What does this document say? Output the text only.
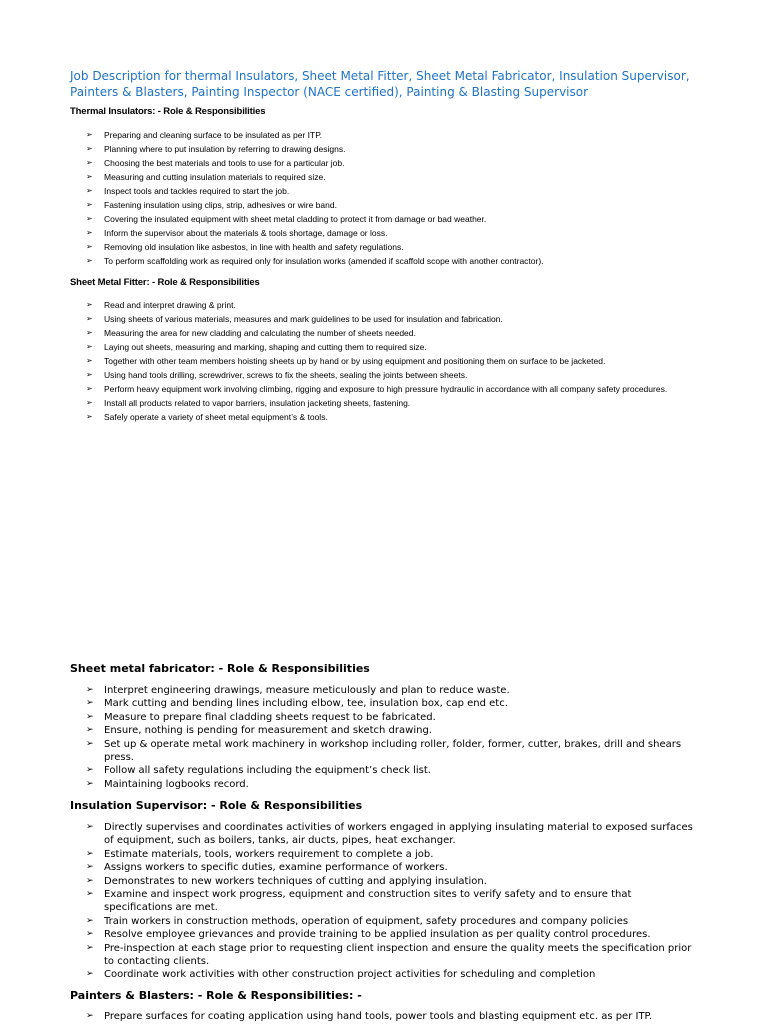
Job Description for thermal Insulators, Sheet Metal Fitter, Sheet Metal Fabricator, Insulation Supervisor, Painters & Blasters, Painting Inspector (NACE certified), Painting & Blasting Supervisor
Thermal Insulators: - Role & Responsibilities
➢ Preparing and cleaning surface to be insulated as per ITP.
➢ Planning where to put insulation by referring to drawing designs.
➢ Choosing the best materials and tools to use for a particular job.
➢ Measuring and cutting insulation materials to required size.
➢ Inspect tools and tackles required to start the job.
➢ Fastening insulation using clips, strip, adhesives or wire band.
➢ Covering the insulated equipment with sheet metal cladding to protect it from damage or bad weather.
➢ Inform the supervisor about the materials & tools shortage, damage or loss.
➢ Removing old insulation like asbestos, in line with health and safety regulations.
➢ To perform scaffolding work as required only for insulation works (amended if scaffold scope with another contractor).
Sheet Metal Fitter: - Role & Responsibilities
➢ Read and interpret drawing & print.
➢ Using sheets of various materials, measures and mark guidelines to be used for insulation and fabrication.
➢ Measuring the area for new cladding and calculating the number of sheets needed.
➢ Laying out sheets, measuring and marking, shaping and cutting them to required size.
➢ Together with other team members hoisting sheets up by hand or by using equipment and positioning them on surface to be jacketed.
➢ Using hand tools drilling, screwdriver, screws to fix the sheets, sealing the joints between sheets.
➢ Perform heavy equipment work involving climbing, rigging and exposure to high pressure hydraulic in accordance with all company safety procedures.
➢ Install all products related to vapor barriers, insulation jacketing sheets, fastening.
➢ Safely operate a variety of sheet metal equipment’s & tools.
Sheet metal fabricator: - Role & Responsibilities
➢ Interpret engineering drawings, measure meticulously and plan to reduce waste.
➢ Mark cutting and bending lines including elbow, tee, insulation box, cap end etc.
➢ Measure to prepare final cladding sheets request to be fabricated.
➢ Ensure, nothing is pending for measurement and sketch drawing.
➢ Set up & operate metal work machinery in workshop including roller, folder, former, cutter, brakes, drill and shears press.
➢ Follow all safety regulations including the equipment’s check list.
➢ Maintaining logbooks record.
Insulation Supervisor: - Role & Responsibilities
➢ Directly supervises and coordinates activities of workers engaged in applying insulating material to exposed surfaces of equipment, such as boilers, tanks, air ducts, pipes, heat exchanger.
➢ Estimate materials, tools, workers requirement to complete a job.
➢ Assigns workers to specific duties, examine performance of workers.
➢ Demonstrates to new workers techniques of cutting and applying insulation.
➢ Examine and inspect work progress, equipment and construction sites to verify safety and to ensure that specifications are met.
➢ Train workers in construction methods, operation of equipment, safety procedures and company policies
➢ Resolve employee grievances and provide training to be applied insulation as per quality control procedures.
➢ Pre-inspection at each stage prior to requesting client inspection and ensure the quality meets the specification prior to contacting clients.
➢ Coordinate work activities with other construction project activities for scheduling and completion
Painters & Blasters: - Role & Responsibilities: -
➢ Prepare surfaces for coating application using hand tools, power tools and blasting equipment etc. as per ITP.
